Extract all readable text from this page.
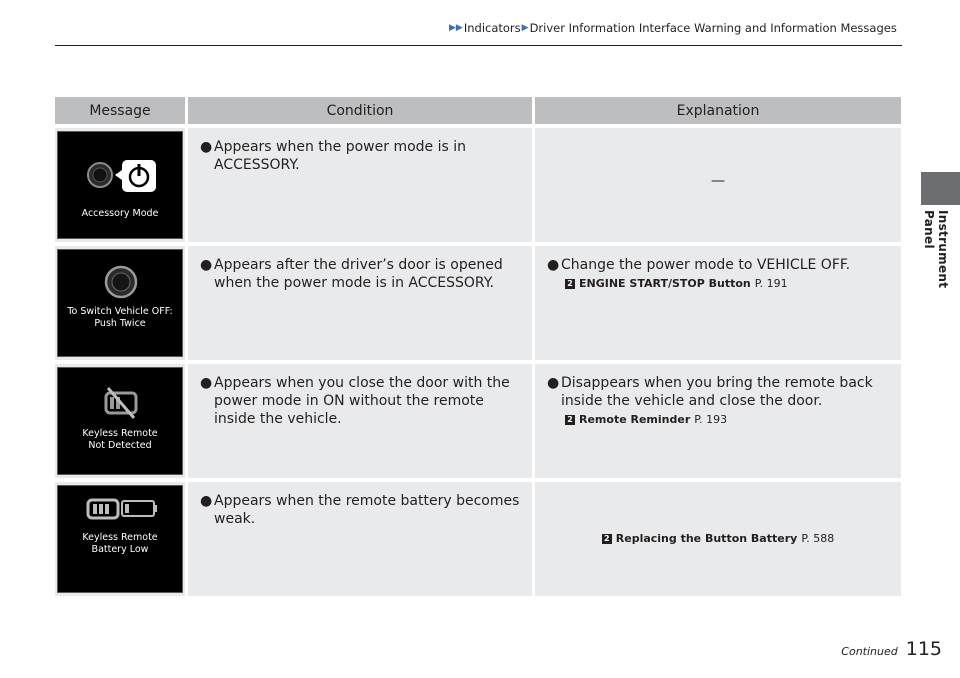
▶▶ Indicators ▶ Driver Information Interface Warning and Information Messages
Instrument Panel
Message	Condition	Explanation
Accessory Mode
● Appears when the power mode is in ACCESSORY.
—
To Switch Vehicle OFF:
Push Twice
● Appears after the driver’s door is opened when the power mode is in ACCESSORY.
● Change the power mode to VEHICLE OFF.
2 ENGINE START/STOP Button P. 191
Keyless Remote
Not Detected
● Appears when you close the door with the power mode in ON without the remote inside the vehicle.
● Disappears when you bring the remote back inside the vehicle and close the door.
2 Remote Reminder P. 193
Keyless Remote
Battery Low
● Appears when the remote battery becomes weak.
2 Replacing the Button Battery P. 588
Continued 115
